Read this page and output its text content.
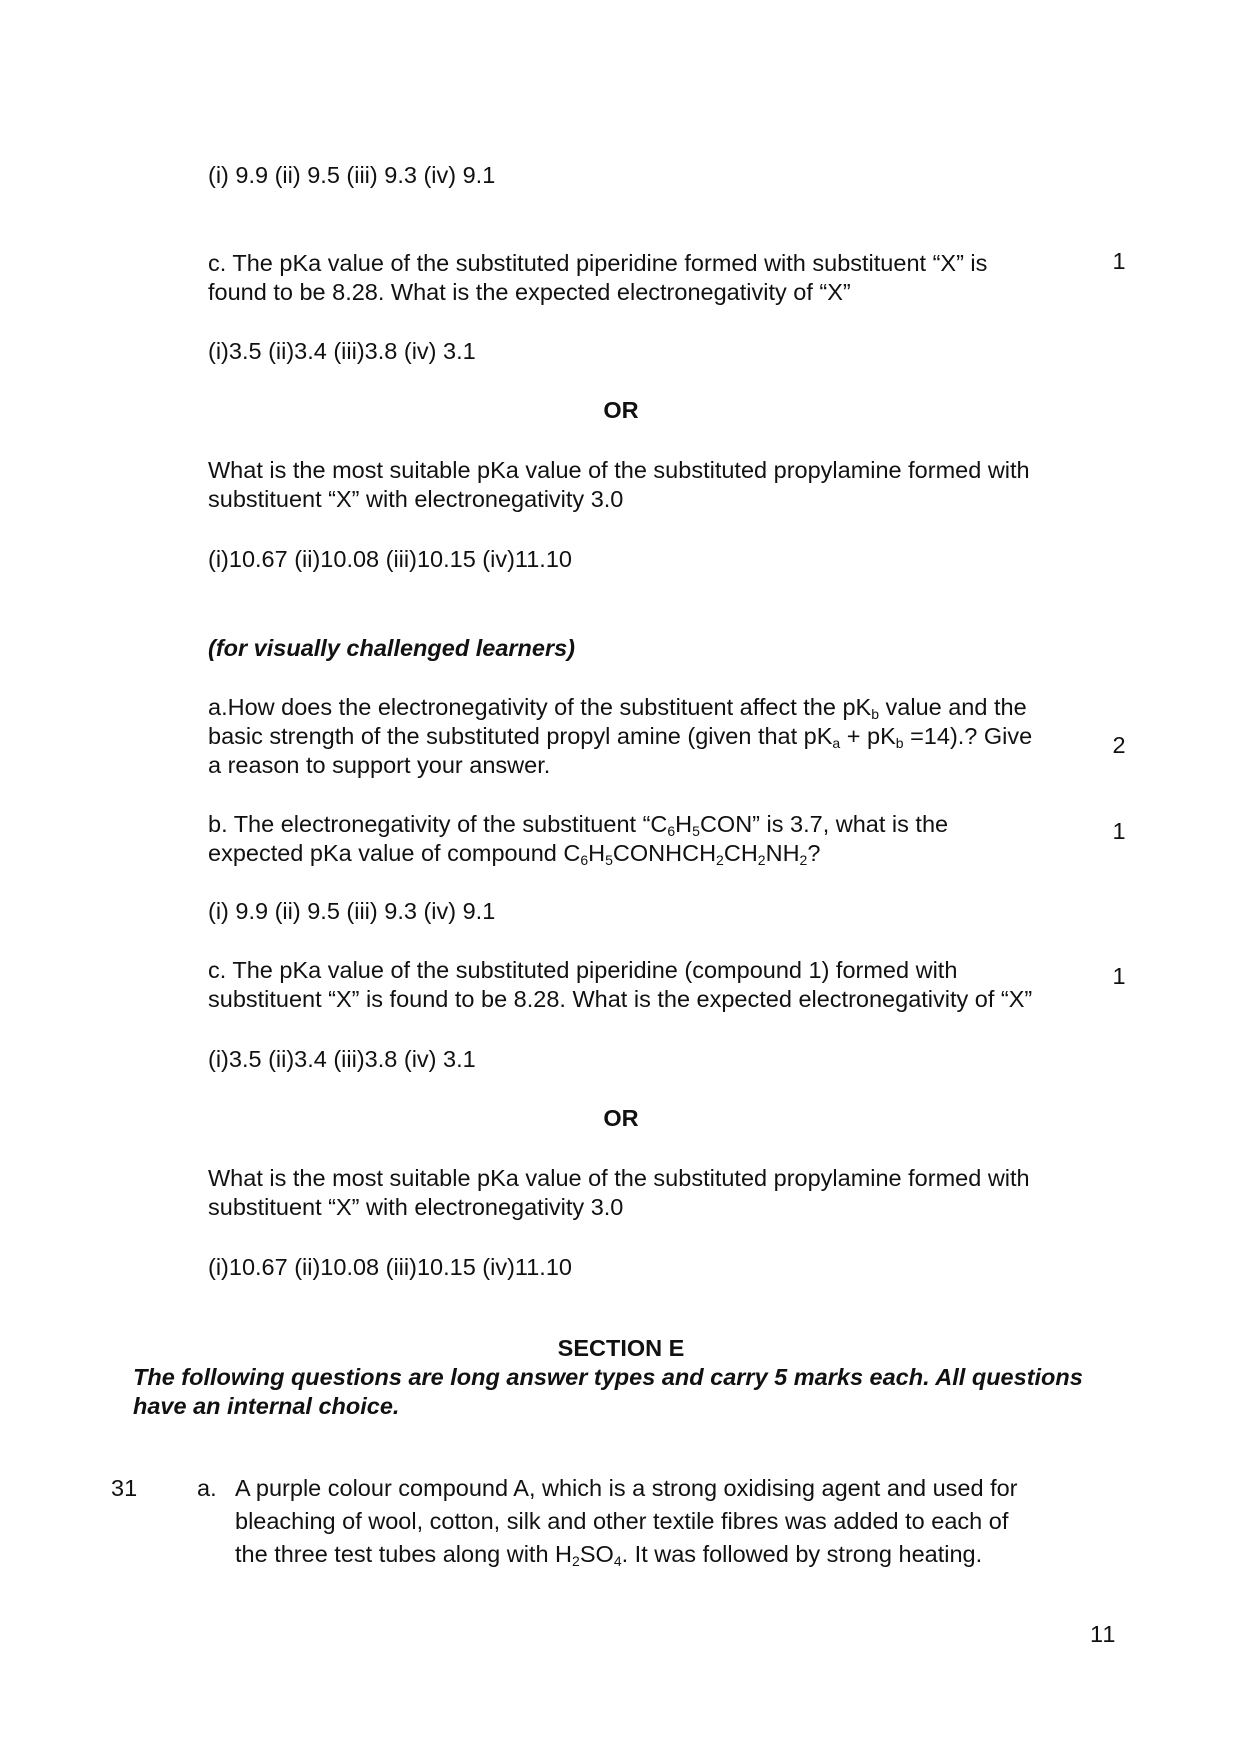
(i) 9.9 (ii) 9.5 (iii) 9.3 (iv) 9.1
c. The pKa value of the substituted piperidine formed with substituent “X” is
found to be 8.28. What is the expected electronegativity of “X”
1
(i)3.5 (ii)3.4 (iii)3.8 (iv) 3.1
OR
What is the most suitable pKa value of the substituted propylamine formed with
substituent “X” with electronegativity 3.0
(i)10.67 (ii)10.08 (iii)10.15 (iv)11.10
(for visually challenged learners)
a.How does the electronegativity of the substituent affect the $pK_b$ value and the
basic strength of the substituted propyl amine (given that $pK_a + pK_b =14$).? Give
a reason to support your answer.
2
b. The electronegativity of the substituent “$C_6H_5CON$” is 3.7, what is the
expected pKa value of compound $C_6H_5CONHCH_2CH_2NH_2$?
1
(i) 9.9 (ii) 9.5 (iii) 9.3 (iv) 9.1
c. The pKa value of the substituted piperidine (compound 1) formed with
substituent “X” is found to be 8.28. What is the expected electronegativity of “X”
1
(i)3.5 (ii)3.4 (iii)3.8 (iv) 3.1
OR
What is the most suitable pKa value of the substituted propylamine formed with
substituent “X” with electronegativity 3.0
(i)10.67 (ii)10.08 (iii)10.15 (iv)11.10
SECTION E
The following questions are long answer types and carry 5 marks each. All questions
have an internal choice.
31	a. A purple colour compound A, which is a strong oxidising agent and used for
bleaching of wool, cotton, silk and other textile fibres was added to each of
the three test tubes along with $H_2SO_4$. It was followed by strong heating.
11
